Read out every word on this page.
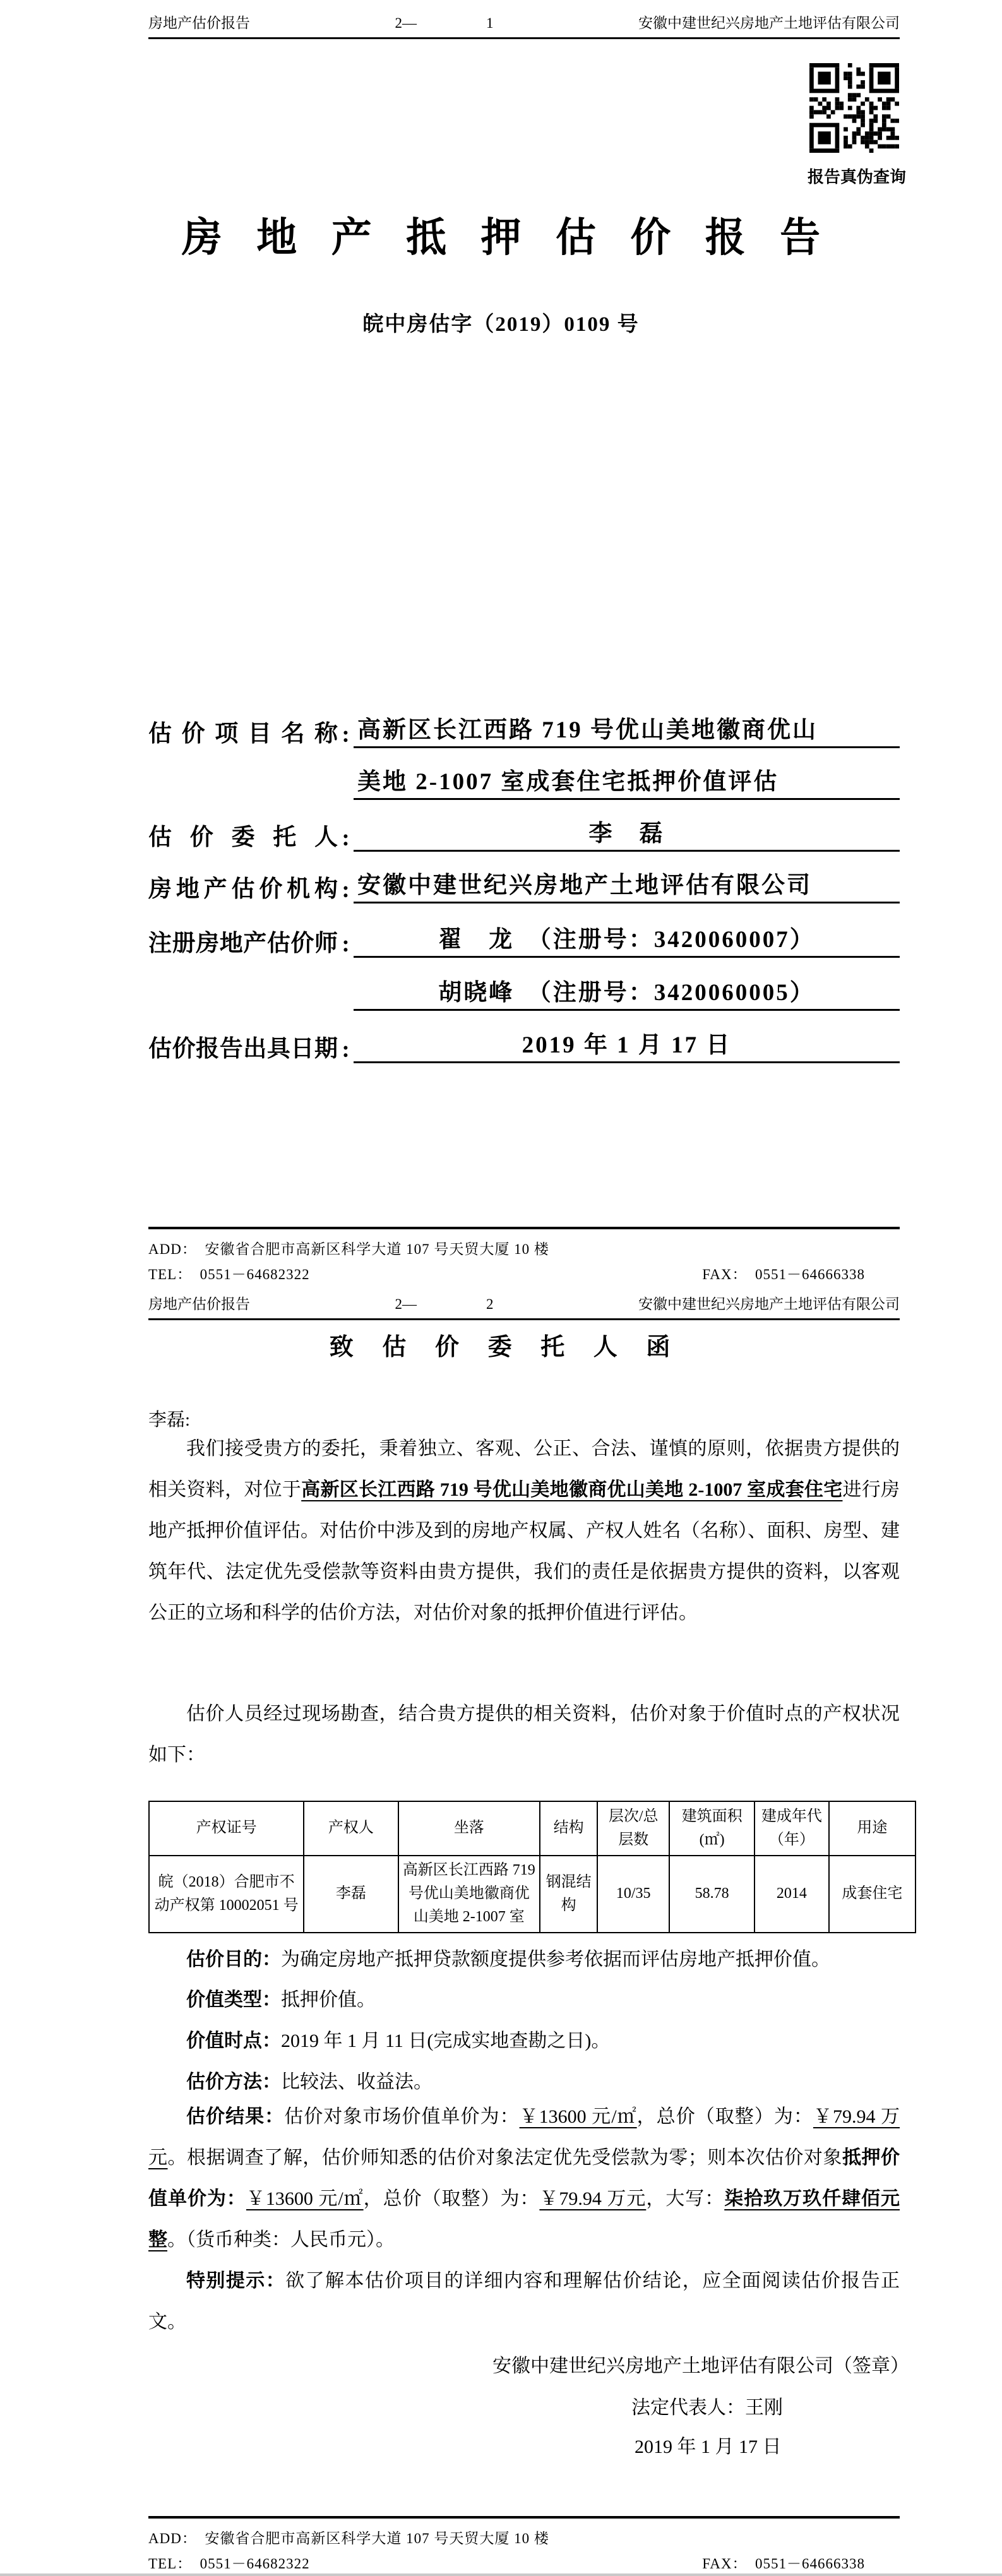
房地产估价报告	2—	1	安徽中建世纪兴房地产土地评估有限公司
报告真伪查询
房 地 产 抵 押 估 价 报 告
皖中房估字（2019）0109 号
估价项目名称 : 高新区长江西路 719 号优山美地徽商优山
美地 2-1007 室成套住宅抵押价值评估
估价委托人 :	李　磊
房地产估价机构 : 安徽中建世纪兴房地产土地评估有限公司
注册房地产估价师 :	翟　龙　（注册号：3420060007）
胡晓峰　（注册号：3420060005）
估价报告出具日期 :	2019 年 1 月 17 日
ADD：　安徽省合肥市高新区科学大道 107 号天贸大厦 10 楼
TEL：　0551－64682322	FAX：　0551－64666338
房地产估价报告	2—	2	安徽中建世纪兴房地产土地评估有限公司
致　估　价　委　托　人　函
李磊:
我们接受贵方的委托，秉着独立、客观、公正、合法、谨慎的原则，依据贵方提供的相关资料，对位于高新区长江西路 719 号优山美地徽商优山美地 2-1007 室成套住宅进行房地产抵押价值评估。对估价中涉及到的房地产权属、产权人姓名（名称）、面积、房型、建筑年代、法定优先受偿款等资料由贵方提供，我们的责任是依据贵方提供的资料，以客观公正的立场和科学的估价方法，对估价对象的抵押价值进行评估。
估价人员经过现场勘查，结合贵方提供的相关资料，估价对象于价值时点的产权状况如下：
产权证号	产权人	坐落	结构	层次/总层数	建筑面积(㎡)	建成年代（年）	用途
皖（2018）合肥市不动产权第 10002051 号	李磊	高新区长江西路 719 号优山美地徽商优山美地 2-1007 室	钢混结构	10/35	58.78	2014	成套住宅
估价目的：为确定房地产抵押贷款额度提供参考依据而评估房地产抵押价值。
价值类型：抵押价值。
价值时点：2019 年 1 月 11 日(完成实地查勘之日)。
估价方法：比较法、收益法。
估价结果：估价对象市场价值单价为：￥13600 元/㎡，总价（取整）为：￥79.94 万元。根据调查了解，估价师知悉的估价对象法定优先受偿款为零；则本次估价对象抵押价值单价为：￥13600 元/㎡，总价（取整）为：￥79.94 万元，大写：柒拾玖万玖仟肆佰元整。（货币种类：人民币元）。
特别提示：欲了解本估价项目的详细内容和理解估价结论，应全面阅读估价报告正文。
安徽中建世纪兴房地产土地评估有限公司（签章）
法定代表人：王刚
2019 年 1 月 17 日
ADD：　安徽省合肥市高新区科学大道 107 号天贸大厦 10 楼
TEL：　0551－64682322	FAX：　0551－64666338
